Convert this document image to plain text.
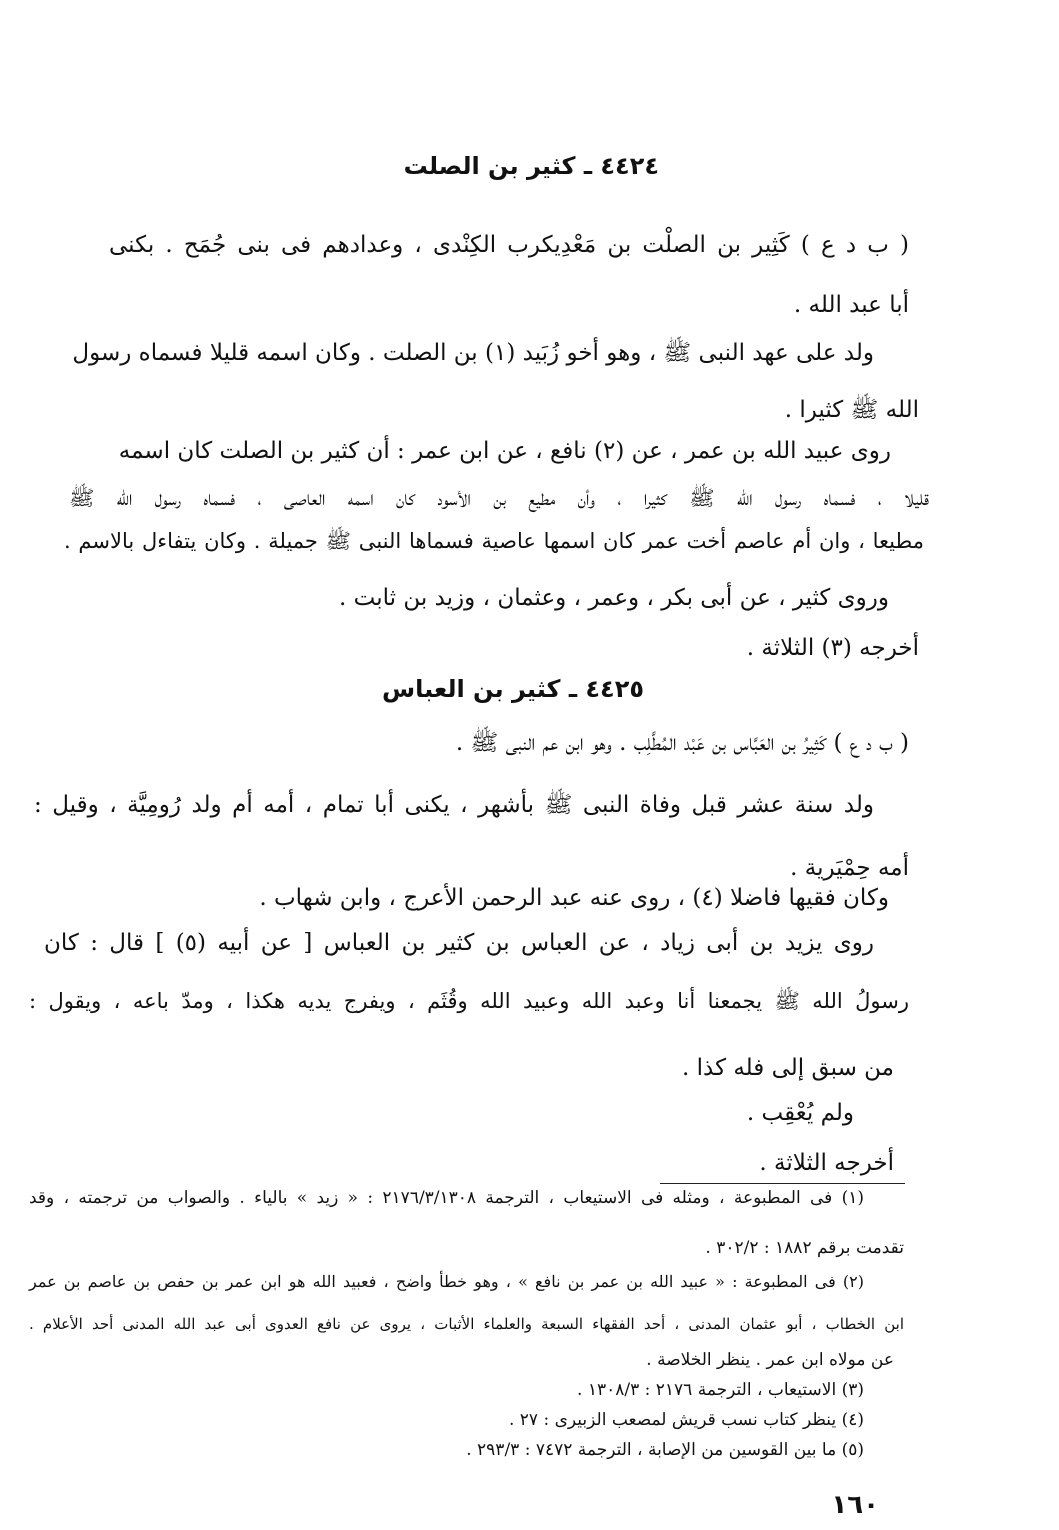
٤٤٢٤ ـ كثير بن الصلت
( ب د ع ) كَثِير بن الصلْت بن مَعْدِيكرب الكِنْدى ، وعدادهم فى بنى جُمَح . بكنى
أبا عبد الله .
ولد على عهد النبى ﷺ ، وهو أخو زُبَيد (١) بن الصلت . وكان اسمه قليلا فسماه رسول
الله ﷺ كثيرا .
روى عبيد الله بن عمر ، عن (٢) نافع ، عن ابن عمر : أن كثير بن الصلت كان اسمه
قليلا ، فسماه رسول الله ﷺ كثيرا ، وأن مطيع بن الأسود كان اسمه العاصى ، فسماه رسول الله ﷺ
مطيعا ، وان أم عاصم أخت عمر كان اسمها عاصية فسماها النبى ﷺ جميلة . وكان يتفاءل بالاسم .
وروى كثير ، عن أبى بكر ، وعمر ، وعثمان ، وزيد بن ثابت .
أخرجه (٣) الثلاثة .
٤٤٢٥ ـ كثير بن العباس
( ب د ع ) كَثِيرُ بن العَبَّاس بن عَبْد المُطَّلِب . وهو ابن عم النبى ﷺ .
ولد سنة عشر قبل وفاة النبى ﷺ بأشهر ، يكنى أبا تمام ، أمه أم ولد رُومِيَّة ، وقيل :
أمه حِمْيَرية .
وكان فقيها فاضلا (٤) ، روى عنه عبد الرحمن الأعرج ، وابن شهاب .
روى يزيد بن أبى زياد ، عن العباس بن كثير بن العباس [ عن أبيه (٥) ] قال : كان
رسولُ الله ﷺ يجمعنا أنا وعبد الله وعبيد الله وقُثَم ، ويفرج يديه هكذا ، ومدّ باعه ، ويقول :
من سبق إلى فله كذا .
ولم يُعْقِب .
أخرجه الثلاثة .
(١) فى المطبوعة ، ومثله فى الاستيعاب ، الترجمة ٢١٧٦/٣/١٣٠٨ : « زيد » بالياء . والصواب من ترجمته ، وقد
تقدمت برقم ١٨٨٢ : ٣٠٢/٢ .
(٢) فى المطبوعة : « عبيد الله بن عمر بن نافع » ، وهو خطأ واضح ، فعبيد الله هو ابن عمر بن حفص بن عاصم بن عمر
ابن الخطاب ، أبو عثمان المدنى ، أحد الفقهاء السبعة والعلماء الأثبات ، يروى عن نافع العدوى أبى عبد الله المدنى أحد الأعلام .
عن مولاه ابن عمر . ينظر الخلاصة .
(٣) الاستيعاب ، الترجمة ٢١٧٦ : ١٣٠٨/٣ .
(٤) ينظر كتاب نسب قريش لمصعب الزبيرى : ٢٧ .
(٥) ما بين القوسين من الإصابة ، الترجمة ٧٤٧٢ : ٢٩٣/٣ .
١٦٠
